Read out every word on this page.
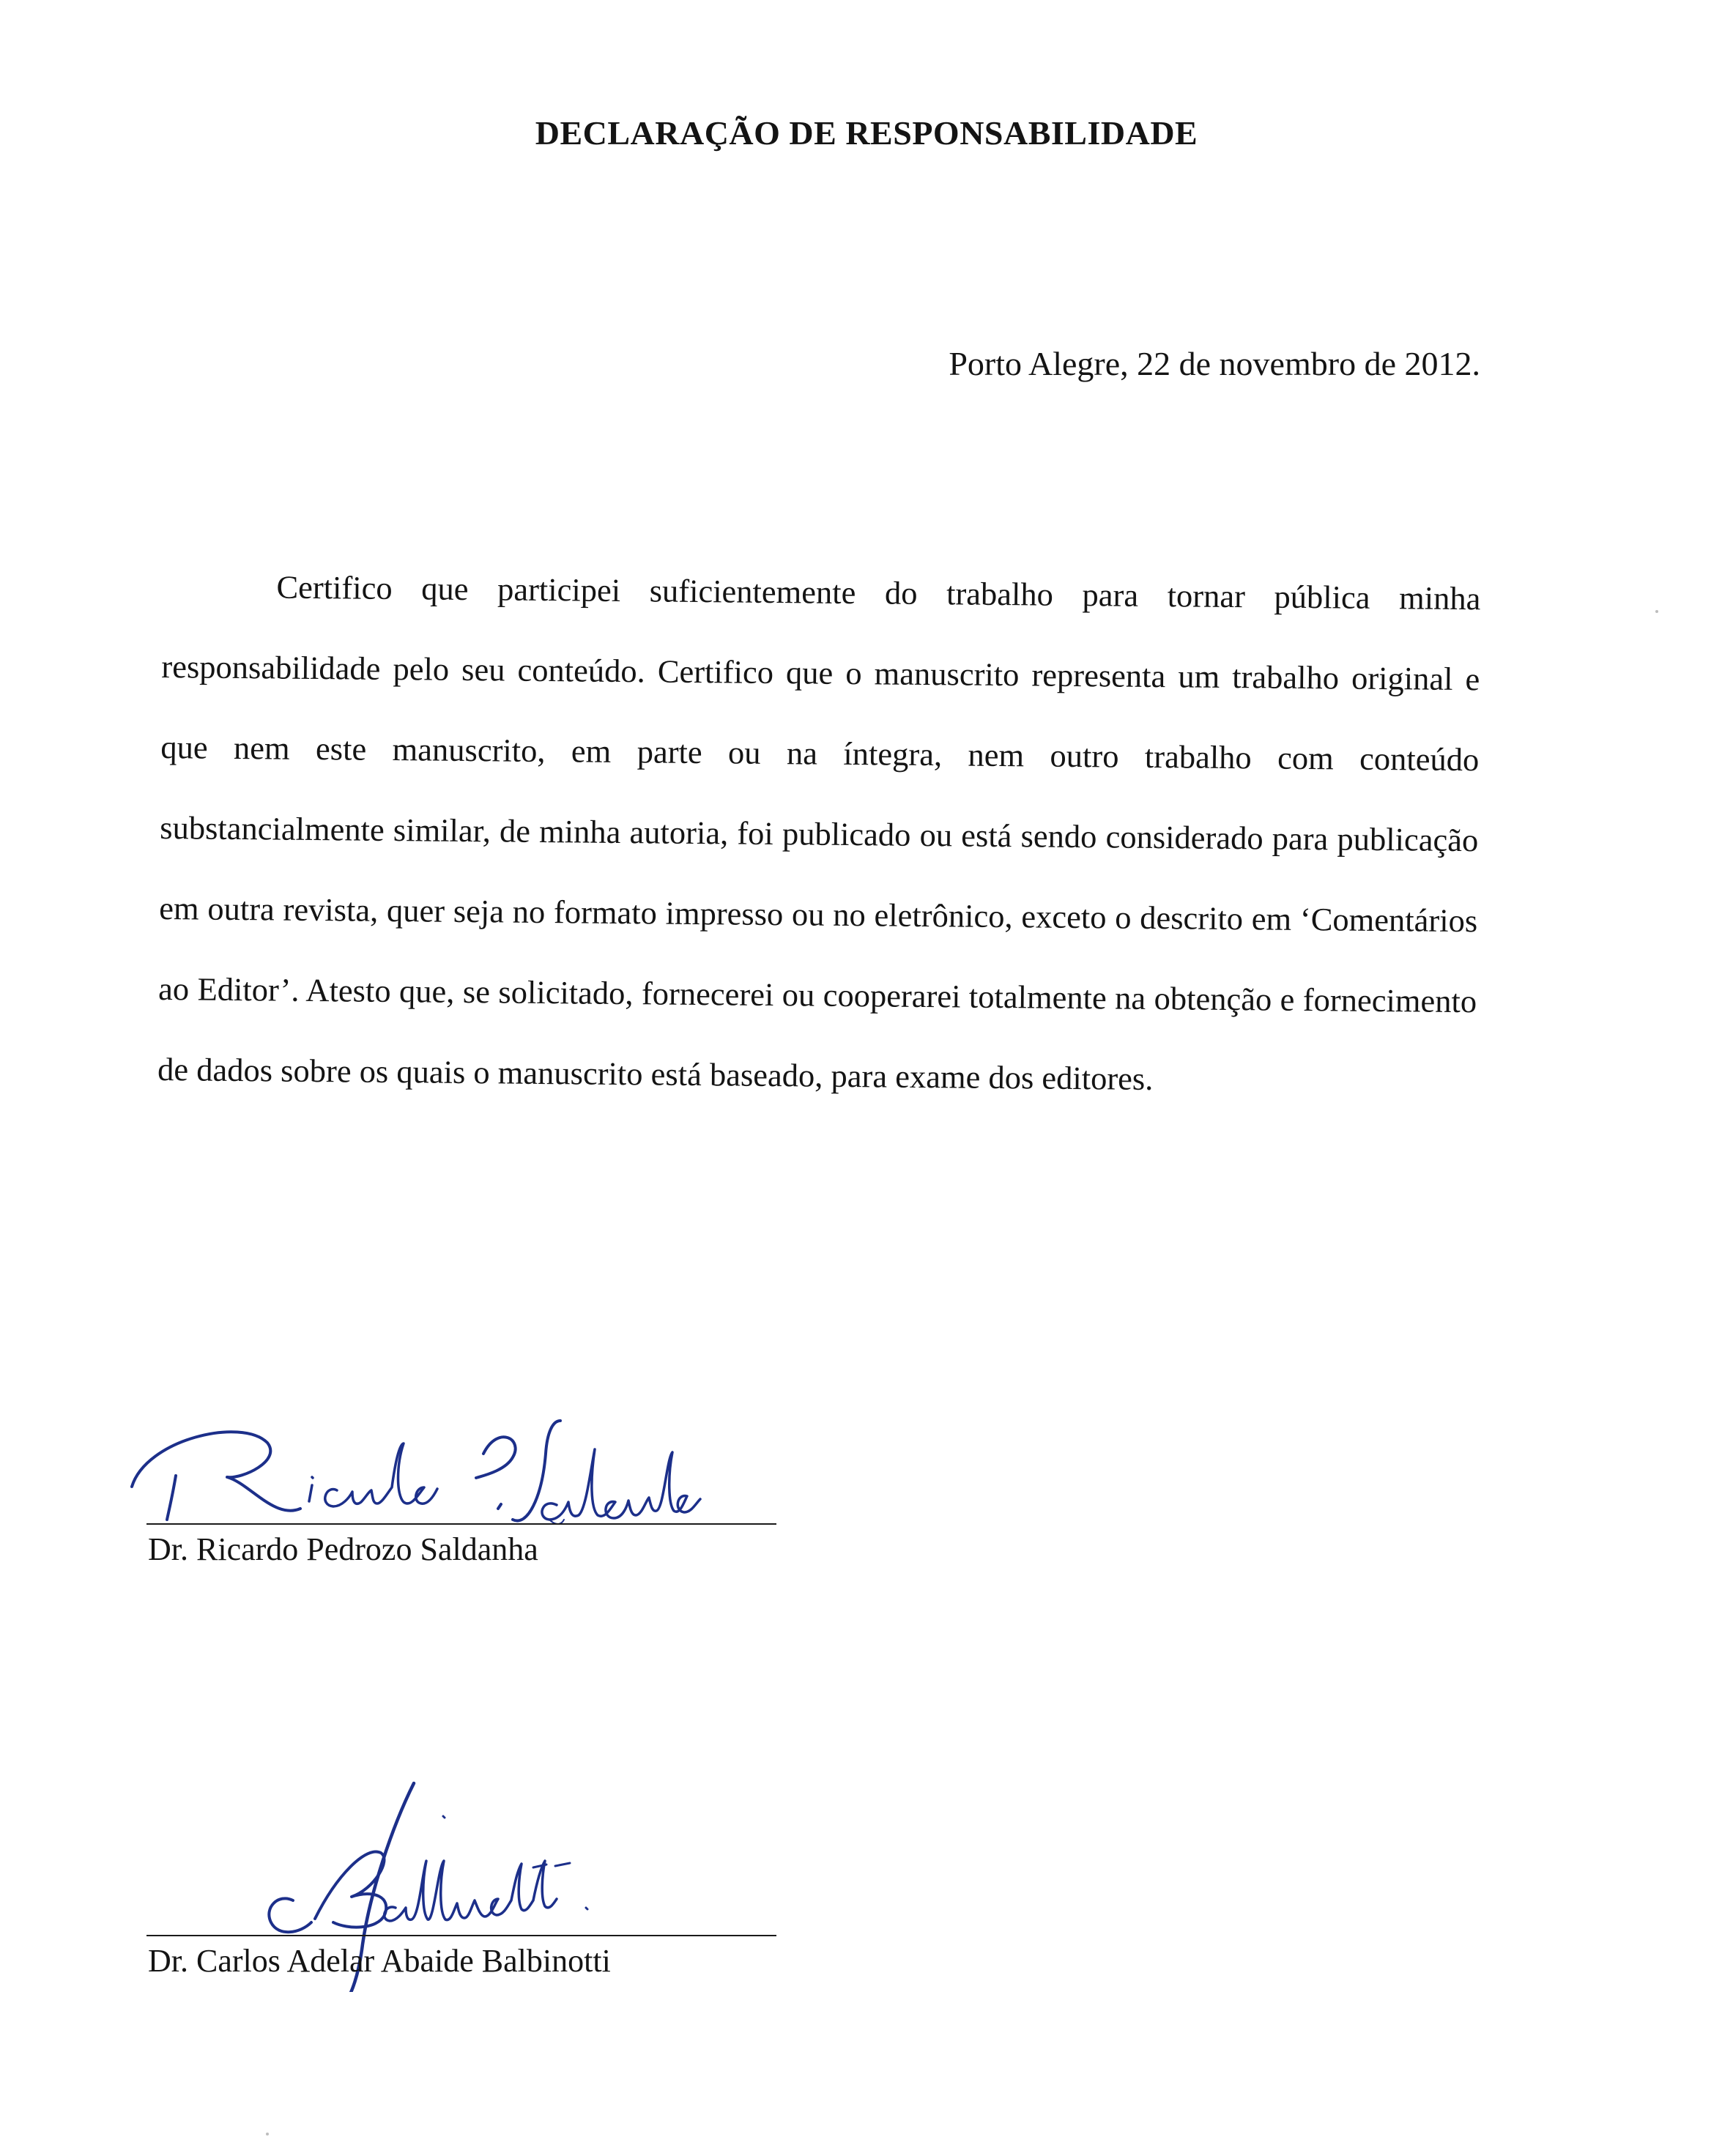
DECLARAÇÃO DE RESPONSABILIDADE
Porto Alegre, 22 de novembro de 2012.

Certifico que participei suficientemente do trabalho para tornar pública minha responsabilidade pelo seu conteúdo. Certifico que o manuscrito representa um trabalho original e que nem este manuscrito, em parte ou na íntegra, nem outro trabalho com conteúdo substancialmente similar, de minha autoria, foi publicado ou está sendo considerado para publicação em outra revista, quer seja no formato impresso ou no eletrônico, exceto o descrito em ‘Comentários ao Editor’. Atesto que, se solicitado, fornecerei ou cooperarei totalmente na obtenção e fornecimento de dados sobre os quais o manuscrito está baseado, para exame dos editores.

Dr. Ricardo Pedrozo Saldanha
Dr. Carlos Adelar Abaide Balbinotti
